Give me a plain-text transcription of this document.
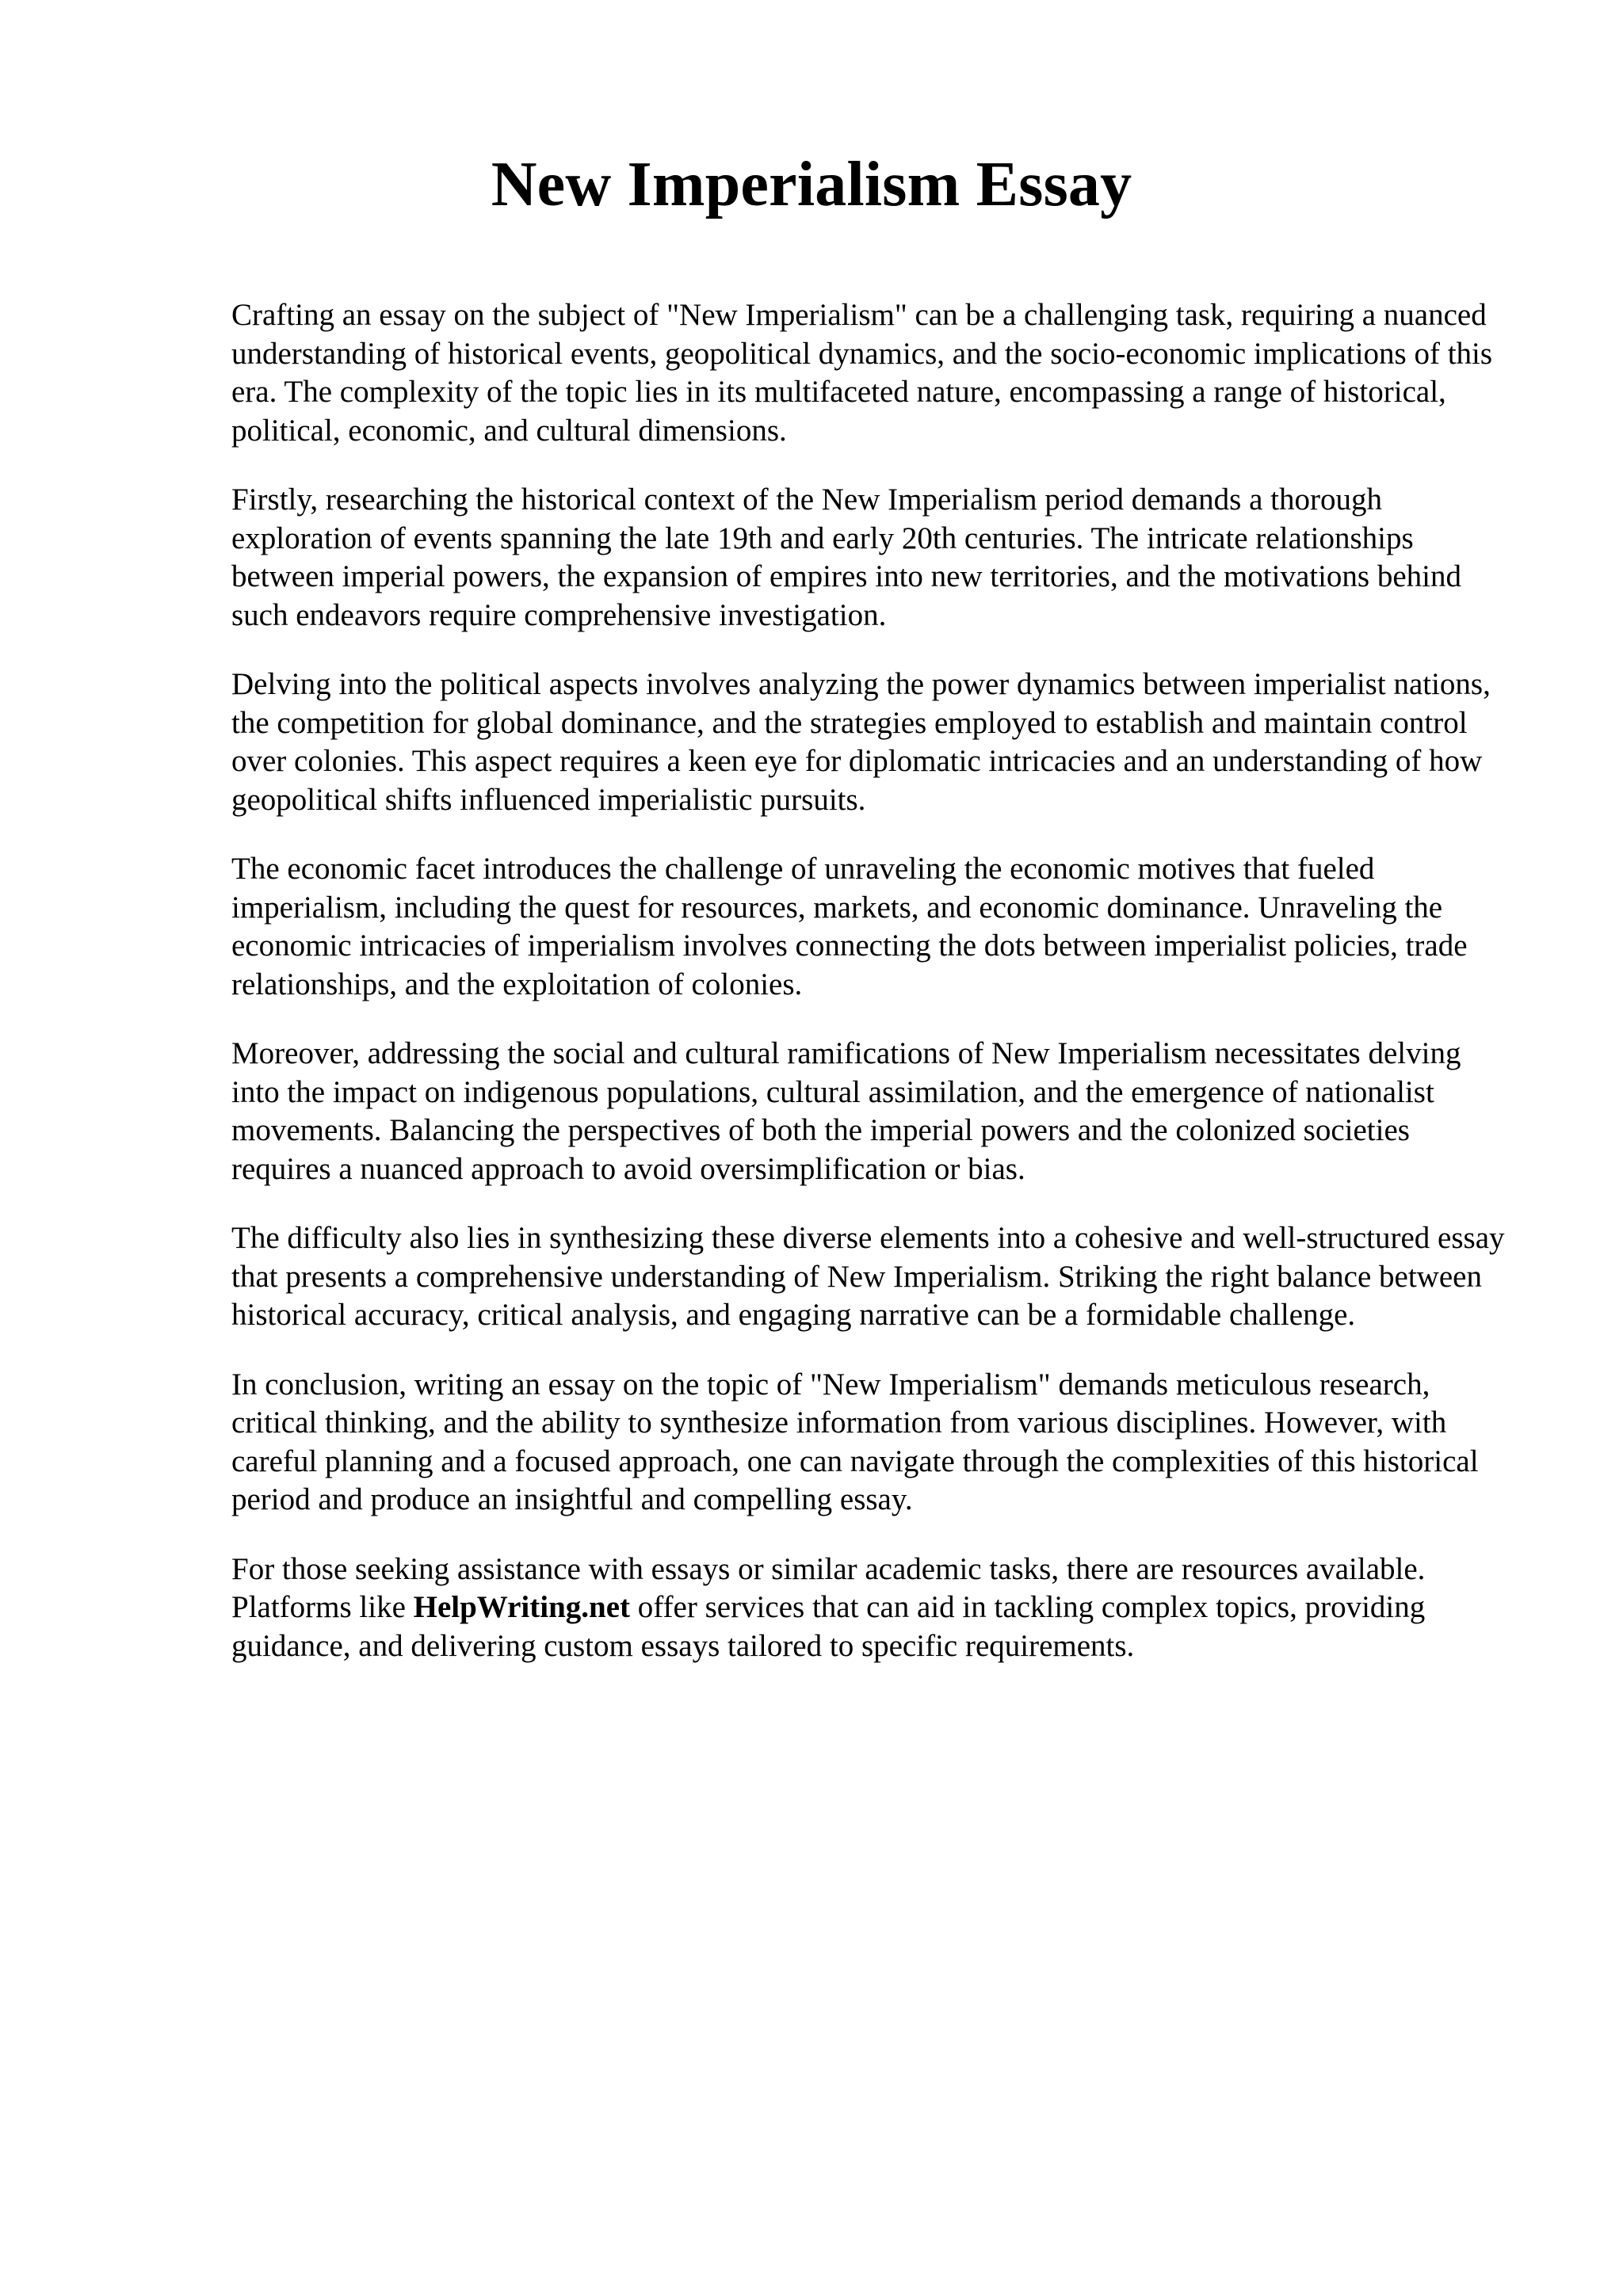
New Imperialism Essay

Crafting an essay on the subject of "New Imperialism" can be a challenging task, requiring a nuanced understanding of historical events, geopolitical dynamics, and the socio-economic implications of this era. The complexity of the topic lies in its multifaceted nature, encompassing a range of historical, political, economic, and cultural dimensions.

Firstly, researching the historical context of the New Imperialism period demands a thorough exploration of events spanning the late 19th and early 20th centuries. The intricate relationships between imperial powers, the expansion of empires into new territories, and the motivations behind such endeavors require comprehensive investigation.

Delving into the political aspects involves analyzing the power dynamics between imperialist nations, the competition for global dominance, and the strategies employed to establish and maintain control over colonies. This aspect requires a keen eye for diplomatic intricacies and an understanding of how geopolitical shifts influenced imperialistic pursuits.

The economic facet introduces the challenge of unraveling the economic motives that fueled imperialism, including the quest for resources, markets, and economic dominance. Unraveling the economic intricacies of imperialism involves connecting the dots between imperialist policies, trade relationships, and the exploitation of colonies.

Moreover, addressing the social and cultural ramifications of New Imperialism necessitates delving into the impact on indigenous populations, cultural assimilation, and the emergence of nationalist movements. Balancing the perspectives of both the imperial powers and the colonized societies requires a nuanced approach to avoid oversimplification or bias.

The difficulty also lies in synthesizing these diverse elements into a cohesive and well-structured essay that presents a comprehensive understanding of New Imperialism. Striking the right balance between historical accuracy, critical analysis, and engaging narrative can be a formidable challenge.

In conclusion, writing an essay on the topic of "New Imperialism" demands meticulous research, critical thinking, and the ability to synthesize information from various disciplines. However, with careful planning and a focused approach, one can navigate through the complexities of this historical period and produce an insightful and compelling essay.

For those seeking assistance with essays or similar academic tasks, there are resources available. Platforms like HelpWriting.net offer services that can aid in tackling complex topics, providing guidance, and delivering custom essays tailored to specific requirements.
